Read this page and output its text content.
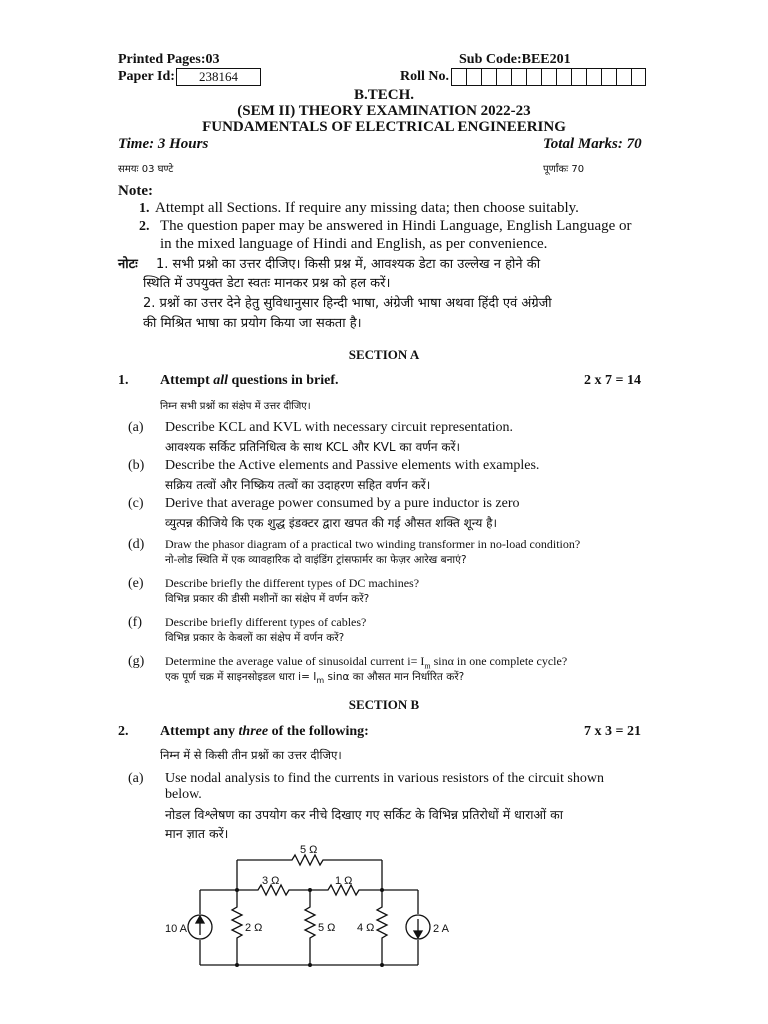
Printed Pages:03	Sub Code:BEE201
Paper Id:	238164	Roll No.
B.TECH.
(SEM II) THEORY EXAMINATION 2022-23
FUNDAMENTALS OF ELECTRICAL ENGINEERING
Time: 3 Hours	Total Marks: 70
समयः 03 घण्टे	पूर्णांकः 70
Note:
1. Attempt all Sections. If require any missing data; then choose suitably.
2. The question paper may be answered in Hindi Language, English Language or
in the mixed language of Hindi and English, as per convenience.
नोटः 1. सभी प्रश्नो का उत्तर दीजिए। किसी प्रश्न में, आवश्यक डेटा का उल्लेख न होने की
स्थिति में उपयुक्त डेटा स्वतः मानकर प्रश्न को हल करें।
2. प्रश्नों का उत्तर देने हेतु सुविधानुसार हिन्दी भाषा, अंग्रेजी भाषा अथवा हिंदी एवं अंग्रेजी
की मिश्रित भाषा का प्रयोग किया जा सकता है।
SECTION A
1. Attempt all questions in brief.	2 x 7 = 14
निम्न सभी प्रश्नों का संक्षेप में उत्तर दीजिए।
(a) Describe KCL and KVL with necessary circuit representation.
आवश्यक सर्किट प्रतिनिधित्व के साथ KCL और KVL का वर्णन करें।
(b) Describe the Active elements and Passive elements with examples.
सक्रिय तत्वों और निष्क्रिय तत्वों का उदाहरण सहित वर्णन करें।
(c) Derive that average power consumed by a pure inductor is zero
व्युत्पन्न कीजिये कि एक शुद्ध इंडक्टर द्वारा खपत की गई औसत शक्ति शून्य है।
(d) Draw the phasor diagram of a practical two winding transformer in no-load condition?
नो-लोड स्थिति में एक व्यावहारिक दो वाइंडिंग ट्रांसफार्मर का फेज़र आरेख बनाएं?
(e) Describe briefly the different types of DC machines?
विभिन्न प्रकार की डीसी मशीनों का संक्षेप में वर्णन करें?
(f) Describe briefly different types of cables?
विभिन्न प्रकार के केबलों का संक्षेप में वर्णन करें?
(g) Determine the average value of sinusoidal current $i= I_m$ sinα in one complete cycle?
एक पूर्ण चक्र में साइनसोइडल धारा $i= I_m$ sinα का औसत मान निर्धारित करें?
SECTION B
2. Attempt any three of the following:	7 x 3 = 21
निम्न में से किसी तीन प्रश्नों का उत्तर दीजिए।
(a) Use nodal analysis to find the currents in various resistors of the circuit shown
below.
नोडल विश्लेषण का उपयोग कर नीचे दिखाए गए सर्किट के विभिन्न प्रतिरोधों में धाराओं का
मान ज्ञात करें।
5 Ω
3 Ω	1 Ω
2 Ω	5 Ω 4 Ω
10 A	2 A
